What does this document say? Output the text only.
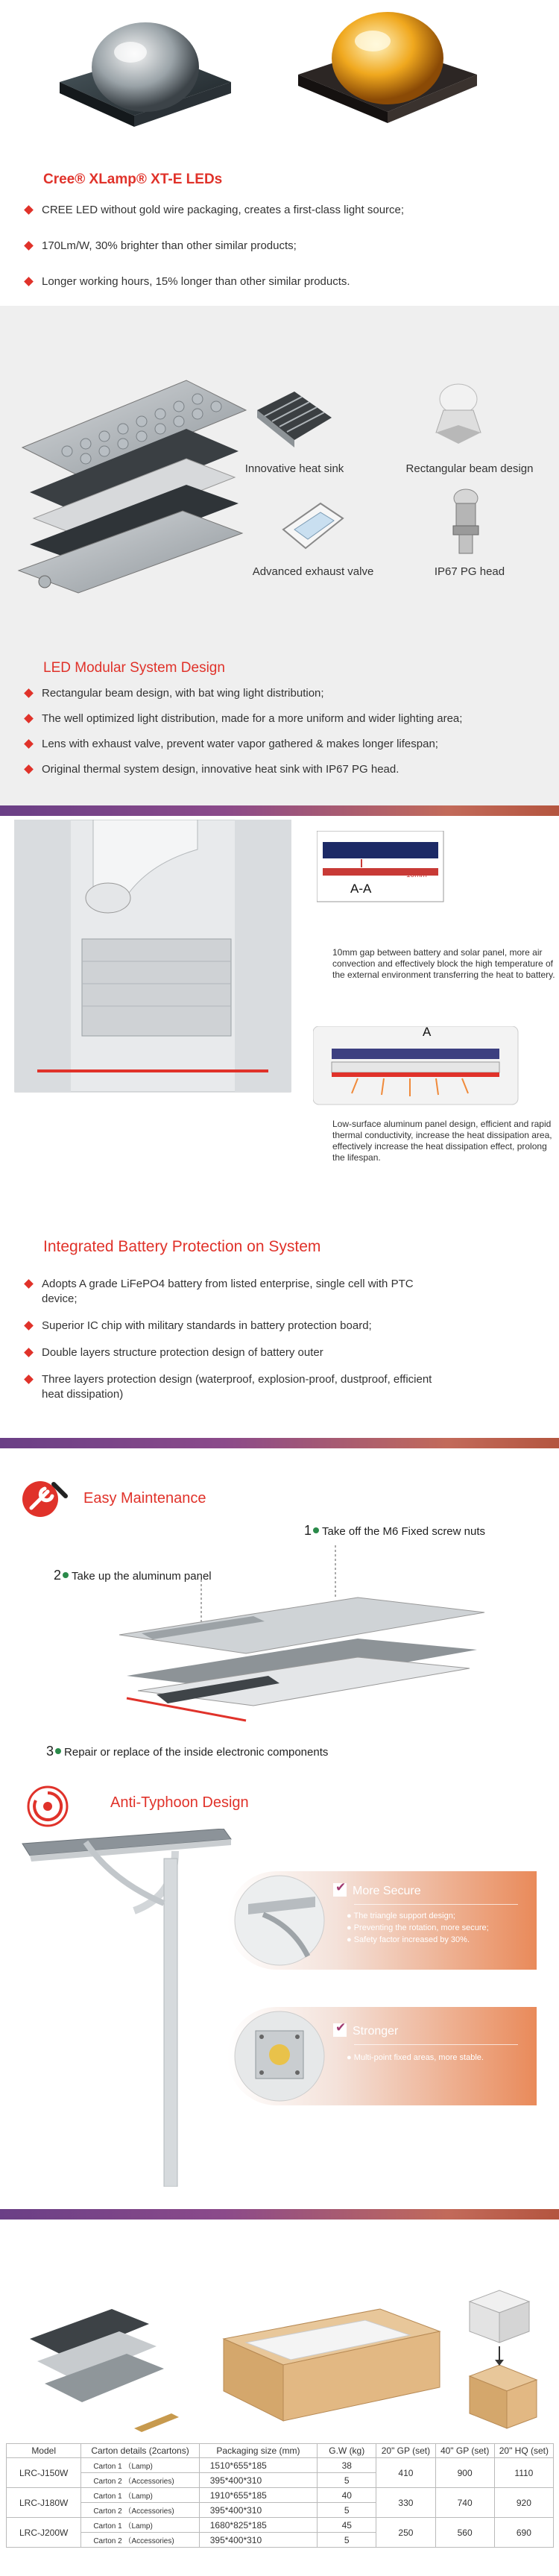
Cree® XLamp® XT-E LEDs
CREE LED without gold wire packaging, creates a first-class light source;
170Lm/W, 30% brighter than other similar products;
Longer working hours, 15% longer than other similar products.
Innovative heat sink	Rectangular beam design
Advanced exhaust valve	IP67 PG head
LED Modular System Design
Rectangular beam design, with bat wing light distribution;
The well optimized light distribution, made for a more uniform and wider lighting area;
Lens with exhaust valve, prevent water vapor gathered & makes longer lifespan;
Original thermal system design, innovative heat sink with IP67 PG head.
10mm
A-A
10mm gap between battery and solar panel, more air convection and effectively block the high temperature of the external environment transferring the heat to battery.
A
Low-surface aluminum panel design, efficient and rapid thermal conductivity, increase the heat dissipation area, effectively increase the heat dissipation effect, prolong the lifespan.
Integrated Battery Protection on System
Adopts A grade LiFePO4 battery from listed enterprise, single cell with PTC device;
Superior IC chip with military standards in battery protection board;
Double layers structure protection design of battery outer
Three layers protection design (waterproof, explosion-proof, dustproof, efficient heat dissipation)
Easy Maintenance
1 Take off the M6 Fixed screw nuts
2 Take up the aluminum panel
3 Repair or replace of the inside electronic components
Anti-Typhoon Design
✔ More Secure
● The triangle support design;
● Preventing the rotation, more secure;
● Safety factor increased by 30%.
✔ Stronger
● Multi-point fixed areas, more stable.
Model	Carton details (2cartons)	Packaging size (mm)	G.W (kg)	20" GP (set)	40" GP (set)	20" HQ (set)
LRC-J150W	Carton 1 （Lamp)	1510*655*185	38	410	900	1110
	Carton 2 （Accessories)	395*400*310	5			
LRC-J180W	Carton 1 （Lamp)	1910*655*185	40	330	740	920
	Carton 2 （Accessories)	395*400*310	5			
LRC-J200W	Carton 1 （Lamp)	1680*825*185	45	250	560	690
	Carton 2 （Accessories)	395*400*310	5			
